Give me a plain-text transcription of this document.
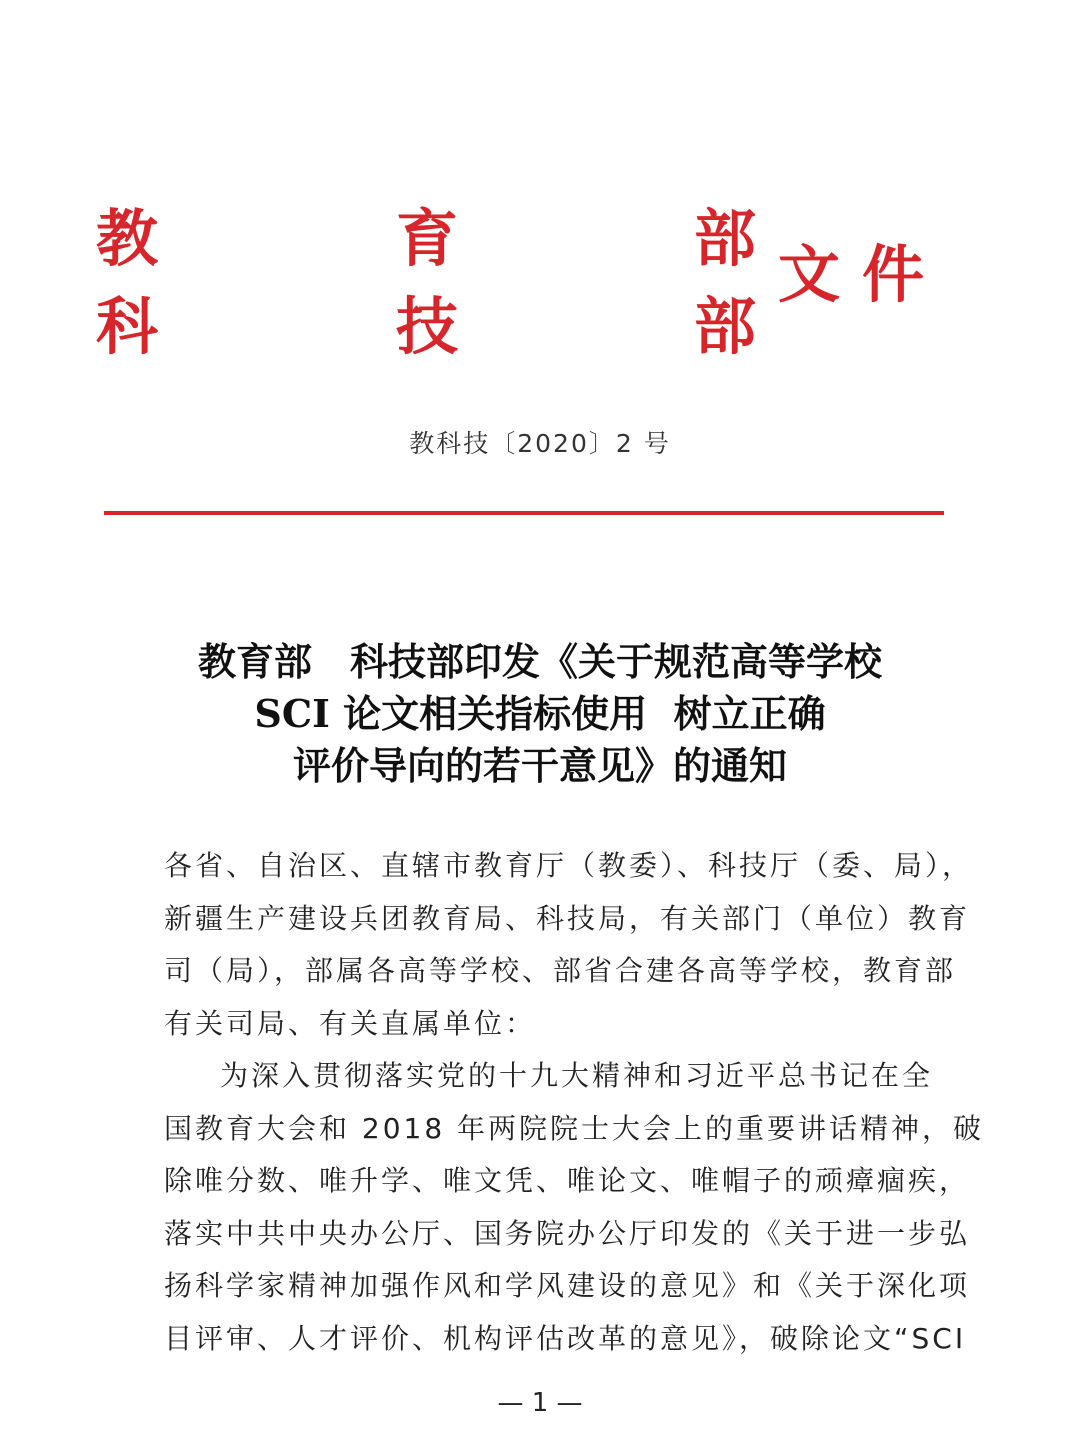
教	育	部
科	技	部
文 件
教科技〔2020〕2 号
教育部　科技部印发《关于规范高等学校
SCI 论文相关指标使用  树立正确
评价导向的若干意见》的通知
各省、自治区、直辖市教育厅（教委）、科技厅（委、局），
新疆生产建设兵团教育局、科技局，有关部门（单位）教育
司（局），部属各高等学校、部省合建各高等学校，教育部
有关司局、有关直属单位：
为深入贯彻落实党的十九大精神和习近平总书记在全
国教育大会和 2018 年两院院士大会上的重要讲话精神，破
除唯分数、唯升学、唯文凭、唯论文、唯帽子的顽瘴痼疾，
落实中共中央办公厅、国务院办公厅印发的《关于进一步弘
扬科学家精神加强作风和学风建设的意见》和《关于深化项
目评审、人才评价、机构评估改革的意见》，破除论文“SCI
— 1 —
